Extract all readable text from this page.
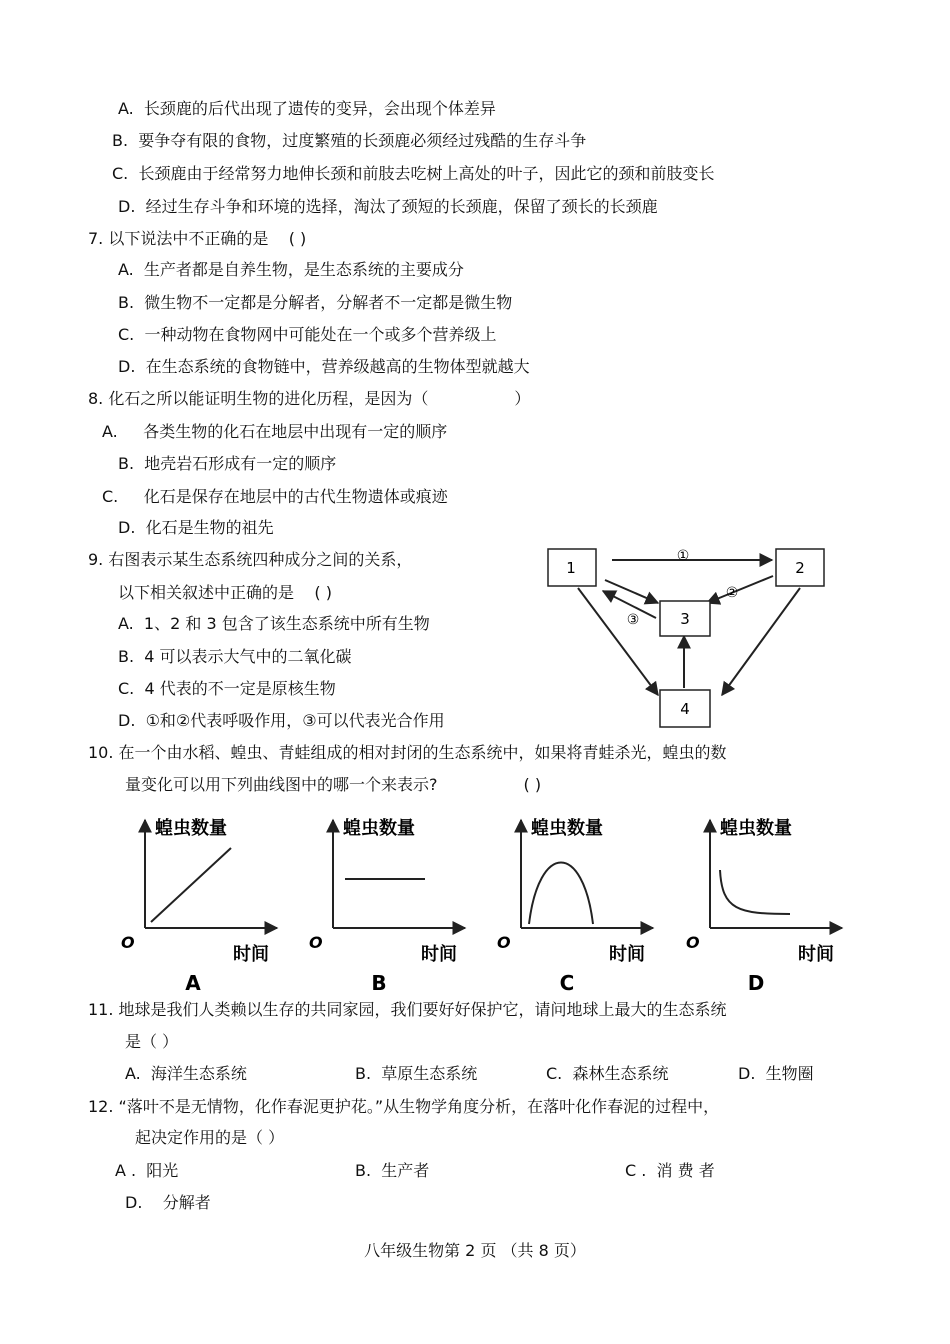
A. 长颈鹿的后代出现了遗传的变异，会出现个体差异
B. 要争夺有限的食物，过度繁殖的长颈鹿必须经过残酷的生存斗争
C. 长颈鹿由于经常努力地伸长颈和前肢去吃树上高处的叶子，因此它的颈和前肢变长
D. 经过生存斗争和环境的选择，淘汰了颈短的长颈鹿，保留了颈长的长颈鹿
7. 以下说法中不正确的是 ( )
A. 生产者都是自养生物，是生态系统的主要成分
B. 微生物不一定都是分解者，分解者不一定都是微生物
C. 一种动物在食物网中可能处在一个或多个营养级上
D. 在生态系统的食物链中，营养级越高的生物体型就越大
8. 化石之所以能证明生物的进化历程，是因为（	）
A. 各类生物的化石在地层中出现有一定的顺序
B. 地壳岩石形成有一定的顺序
C. 化石是保存在地层中的古代生物遗体或痕迹
D. 化石是生物的祖先
9. 右图表示某生态系统四种成分之间的关系，
以下相关叙述中正确的是 ( )
A. 1、2 和 3 包含了该生态系统中所有生物
B. 4 可以表示大气中的二氧化碳
C. 4 代表的不一定是原核生物
D. ①和②代表呼吸作用，③可以代表光合作用
1	2
3
4
①
②
③
10. 在一个由水稻、蝗虫、青蛙组成的相对封闭的生态系统中，如果将青蛙杀光，蝗虫的数
量变化可以用下列曲线图中的哪一个来表示?	( )
蝗虫数量
时间
O
A
蝗虫数量
时间
O
B
蝗虫数量
时间
O
C
蝗虫数量
时间
O
D
11. 地球是我们人类赖以生存的共同家园，我们要好好保护它，请问地球上最大的生态系统
是（ ）
A. 海洋生态系统	B. 草原生态系统	C. 森林生态系统	D. 生物圈
12. “落叶不是无情物，化作春泥更护花。”从生物学角度分析，在落叶化作春泥的过程中，
起决定作用的是（ ）
A . 阳光	B. 生产者	C . 消 费 者
D. 分解者
八年级生物第 2 页 （共 8 页）
